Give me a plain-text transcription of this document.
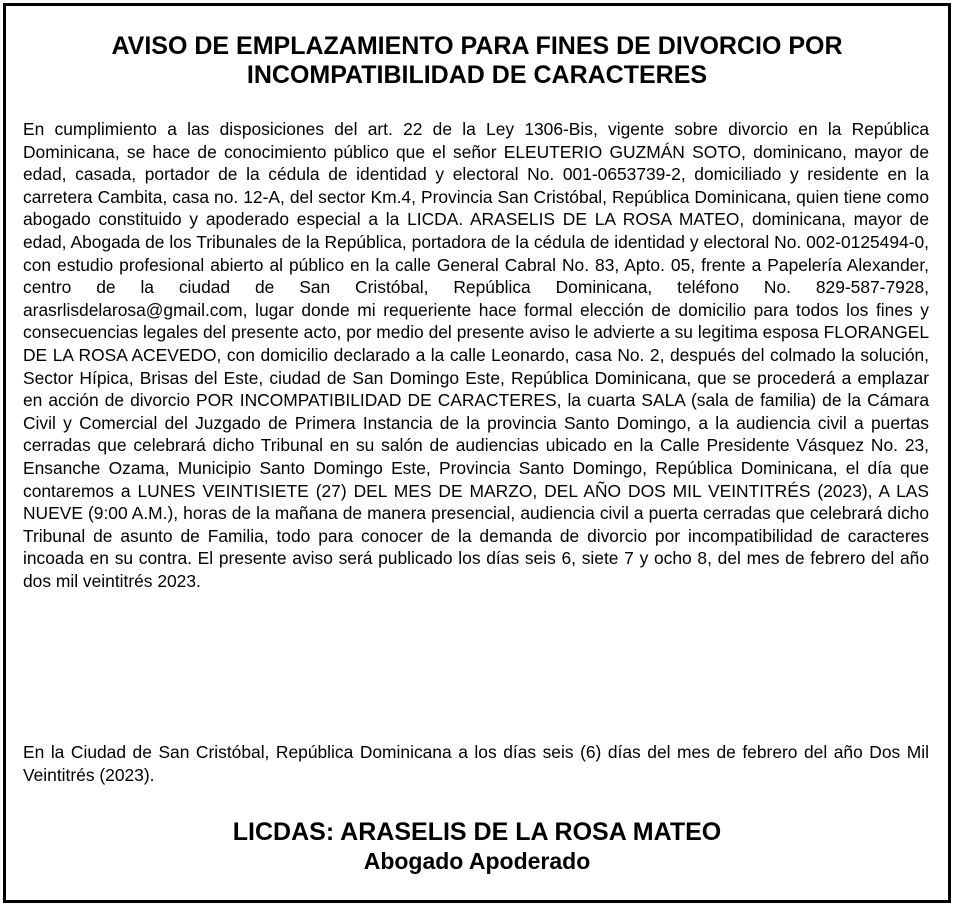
AVISO DE EMPLAZAMIENTO PARA FINES DE DIVORCIO POR
INCOMPATIBILIDAD DE CARACTERES

En cumplimiento a las disposiciones del art. 22 de la Ley 1306-Bis, vigente sobre divorcio en la República Dominicana, se hace de conocimiento público que el señor ELEUTERIO GUZMÁN SOTO, dominicano, mayor de edad, casada, portador de la cédula de identidad y electoral No. 001-0653739-2, domiciliado y residente en la carretera Cambita, casa no. 12-A, del sector Km.4, Provincia San Cristóbal, República Dominicana, quien tiene como abogado constituido y apoderado especial a la LICDA. ARASELIS DE LA ROSA MATEO, dominicana, mayor de edad, Abogada de los Tribunales de la República, portadora de la cédula de identidad y electoral No. 002-0125494-0, con estudio profesional abierto al público en la calle General Cabral No. 83, Apto. 05, frente a Papelería Alexander, centro de la ciudad de San Cristóbal, República Dominicana, teléfono No. 829-587-7928, arasrlisdelarosa@gmail.com, lugar donde mi requeriente hace formal elección de domicilio para todos los fines y consecuencias legales del presente acto, por medio del presente aviso le advierte a su legitima esposa FLORANGEL DE LA ROSA ACEVEDO, con domicilio declarado a la calle Leonardo, casa No. 2, después del colmado la solución, Sector Hípica, Brisas del Este, ciudad de San Domingo Este, República Dominicana, que se procederá a emplazar en acción de divorcio POR INCOMPATIBILIDAD DE CARACTERES, la cuarta SALA (sala de familia) de la Cámara Civil y Comercial del Juzgado de Primera Instancia de la provincia Santo Domingo, a la audiencia civil a puertas cerradas que celebrará dicho Tribunal en su salón de audiencias ubicado en la Calle Presidente Vásquez No. 23, Ensanche Ozama, Municipio Santo Domingo Este, Provincia Santo Domingo, República Dominicana, el día que contaremos a LUNES VEINTISIETE (27) DEL MES DE MARZO, DEL AÑO DOS MIL VEINTITRÉS (2023), A LAS NUEVE (9:00 A.M.), horas de la mañana de manera presencial, audiencia civil a puerta cerradas que celebrará dicho Tribunal de asunto de Familia, todo para conocer de la demanda de divorcio por incompatibilidad de caracteres incoada en su contra. El presente aviso será publicado los días seis 6, siete 7 y ocho 8, del mes de febrero del año dos mil veintitrés 2023.

En la Ciudad de San Cristóbal, República Dominicana a los días seis (6) días del mes de febrero del año Dos Mil Veintitrés (2023).

LICDAS: ARASELIS DE LA ROSA MATEO
Abogado Apoderado
